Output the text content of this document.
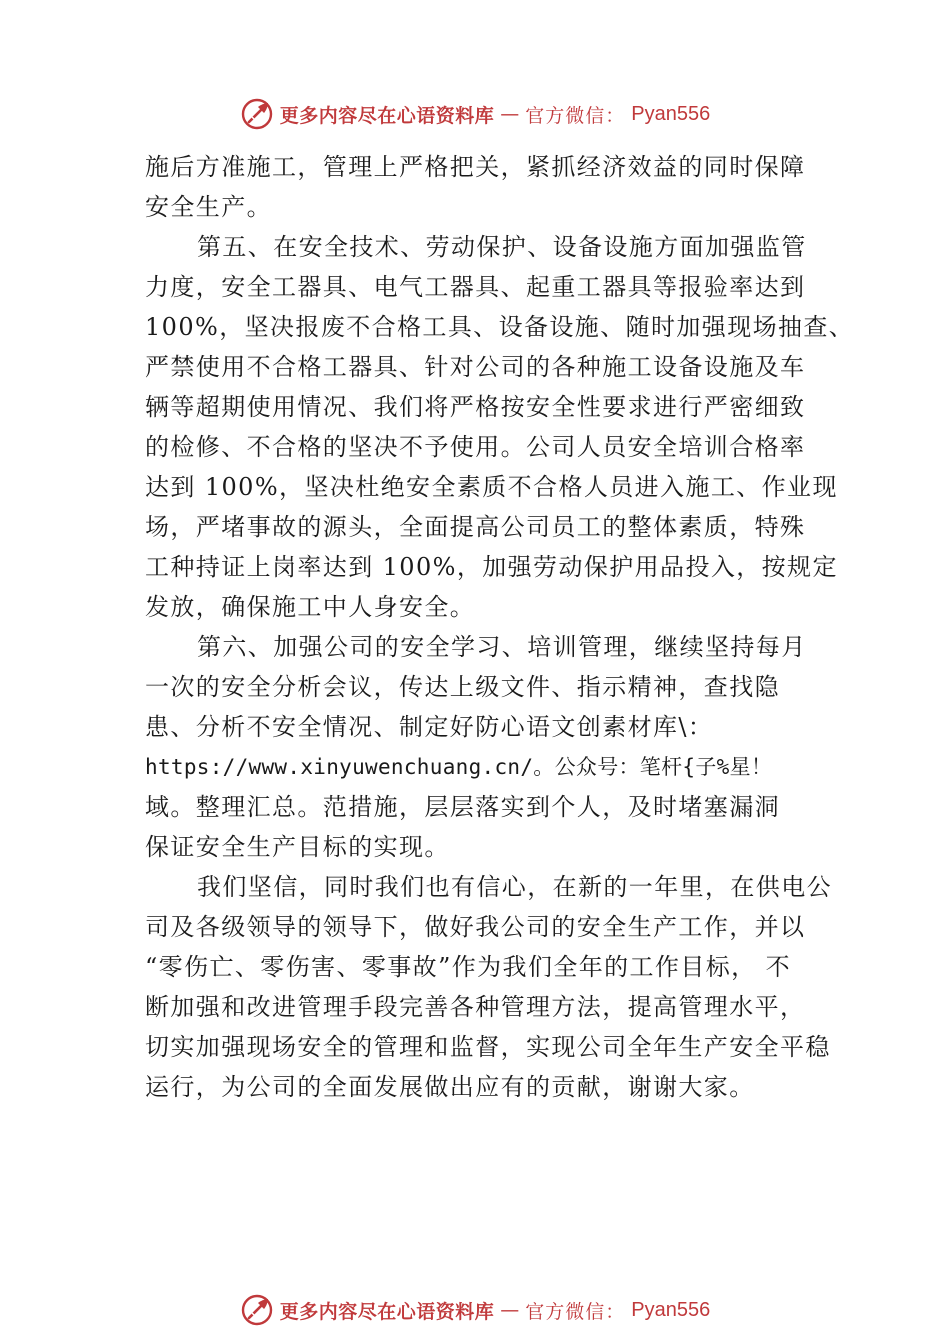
更多内容尽在心语资料库 — 官方微信： Pyan556
施后方准施工，管理上严格把关，紧抓经济效益的同时保障
安全生产。
第五、在安全技术、劳动保护、设备设施方面加强监管
力度，安全工器具、电气工器具、起重工器具等报验率达到
100%，坚决报废不合格工具、设备设施、随时加强现场抽查、
严禁使用不合格工器具、针对公司的各种施工设备设施及车
辆等超期使用情况、我们将严格按安全性要求进行严密细致
的检修、不合格的坚决不予使用。公司人员安全培训合格率
达到 100%，坚决杜绝安全素质不合格人员进入施工、作业现
场，严堵事故的源头，全面提高公司员工的整体素质，特殊
工种持证上岗率达到 100%，加强劳动保护用品投入，按规定
发放，确保施工中人身安全。
第六、加强公司的安全学习、培训管理，继续坚持每月
一次的安全分析会议，传达上级文件、指示精神，查找隐
患、分析不安全情况、制定好防心语文创素材库\：
https://www.xinyuwenchuang.cn/。公众号：笔杆{子%星！
域。整理汇总。范措施，层层落实到个人，及时堵塞漏洞
保证安全生产目标的实现。
我们坚信，同时我们也有信心，在新的一年里，在供电公
司及各级领导的领导下，做好我公司的安全生产工作，并以
“零伤亡、零伤害、零事故”作为我们全年的工作目标， 不
断加强和改进管理手段完善各种管理方法，提高管理水平，
切实加强现场安全的管理和监督，实现公司全年生产安全平稳
运行，为公司的全面发展做出应有的贡献，谢谢大家。
更多内容尽在心语资料库 — 官方微信： Pyan556
